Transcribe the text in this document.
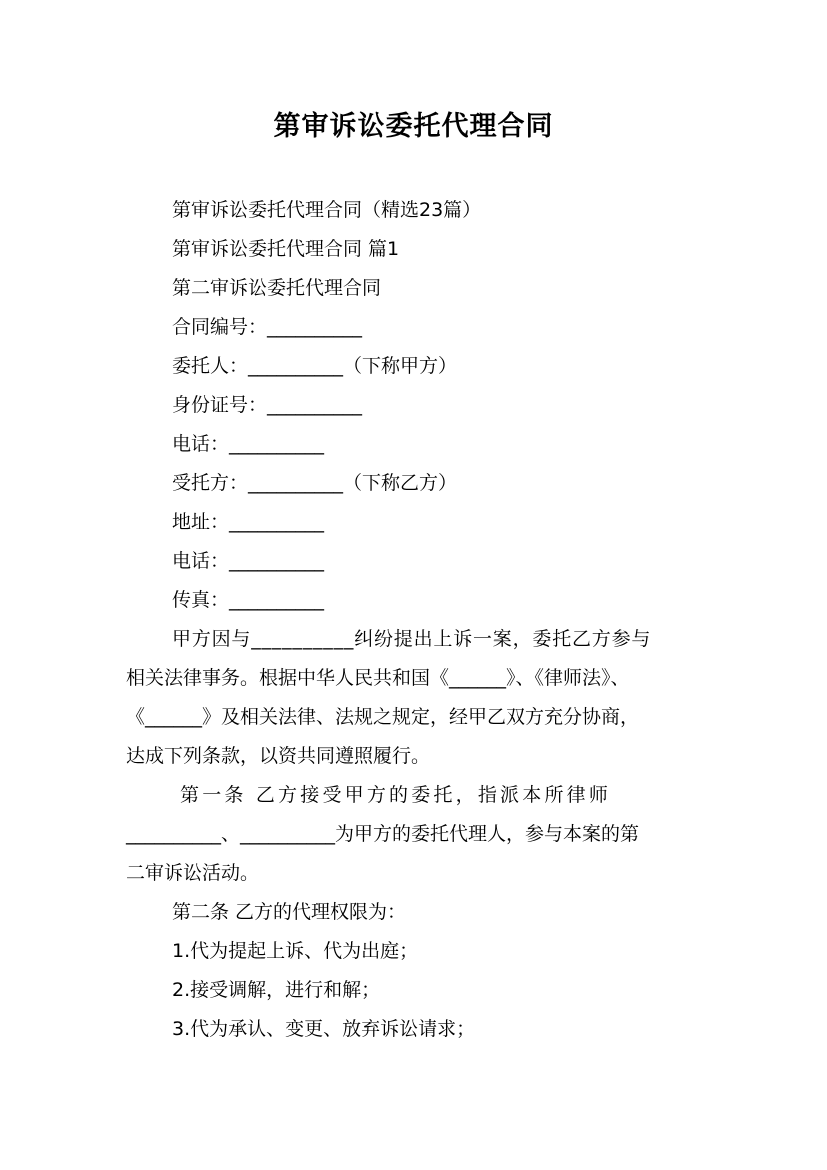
第审诉讼委托代理合同
第审诉讼委托代理合同（精选23篇）
第审诉讼委托代理合同 篇1
第二审诉讼委托代理合同
合同编号：__________
委托人：__________（下称甲方）
身份证号：__________
电话：__________
受托方：__________（下称乙方）
地址：__________
电话：__________
传真：__________
甲方因与__________纠纷提出上诉一案，委托乙方参与
相关法律事务。根据中华人民共和国《______》、《律师法》、
《______》及相关法律、法规之规定，经甲乙双方充分协商，
达成下列条款，以资共同遵照履行。
第一条 乙方接受甲方的委托，指派本所律师
__________、__________为甲方的委托代理人，参与本案的第
二审诉讼活动。
第二条 乙方的代理权限为：
1.代为提起上诉、代为出庭；
2.接受调解，进行和解；
3.代为承认、变更、放弃诉讼请求；
